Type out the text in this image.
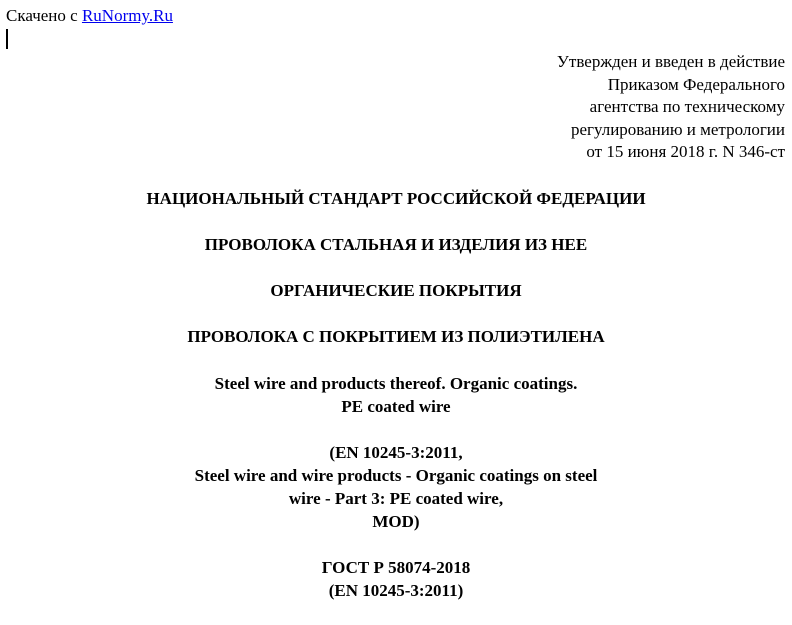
Скачено с RuNormy.Ru
Утвержден и введен в действие
Приказом Федерального
агентства по техническому
регулированию и метрологии
от 15 июня 2018 г. N 346-ст
НАЦИОНАЛЬНЫЙ СТАНДАРТ РОССИЙСКОЙ ФЕДЕРАЦИИ
ПРОВОЛОКА СТАЛЬНАЯ И ИЗДЕЛИЯ ИЗ НЕЕ
ОРГАНИЧЕСКИЕ ПОКРЫТИЯ
ПРОВОЛОКА С ПОКРЫТИЕМ ИЗ ПОЛИЭТИЛЕНА
Steel wire and products thereof. Organic coatings.
PE coated wire
(EN 10245-3:2011,
Steel wire and wire products - Organic coatings on steel
wire - Part 3: PE coated wire,
MOD)
ГОСТ Р 58074-2018
(EN 10245-3:2011)
